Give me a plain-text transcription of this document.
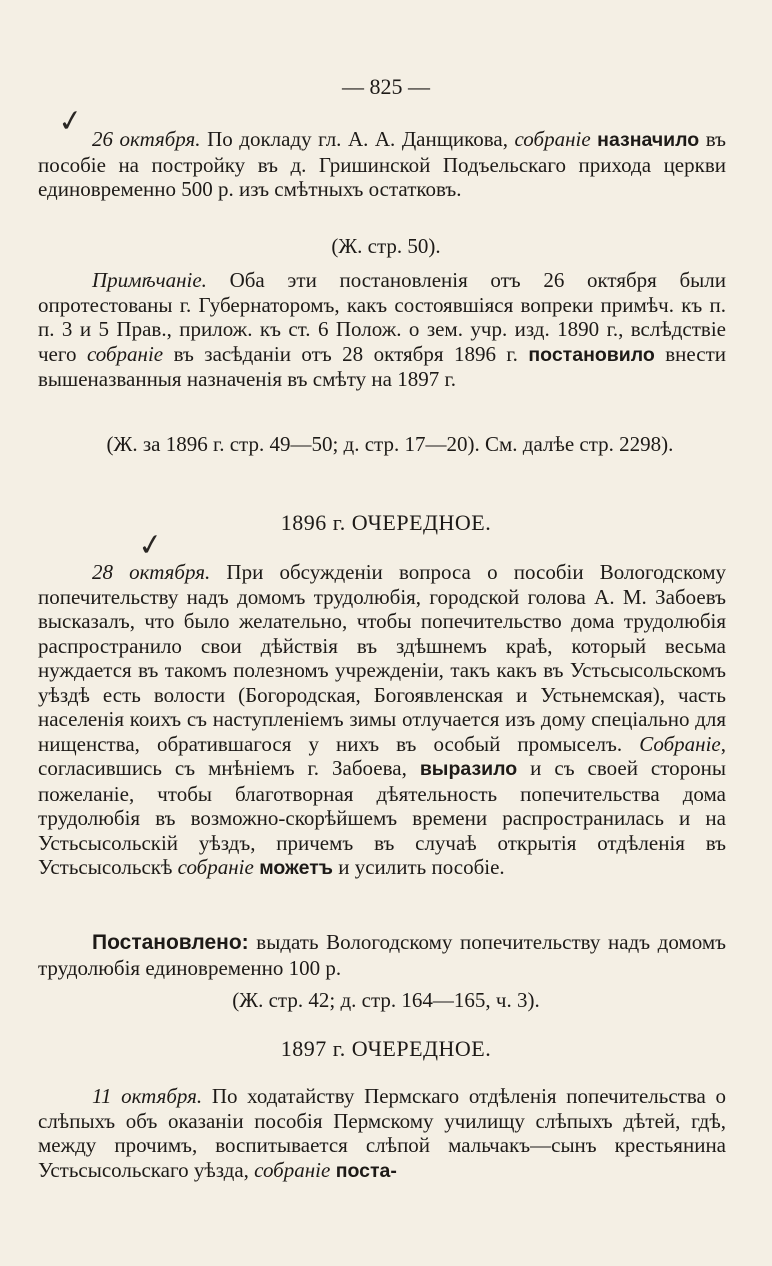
— 825 —
✓ 26 октября. По докладу гл. А. А. Данщикова, собраніе назначило въ пособіе на постройку въ д. Гришинской Подъельскаго прихода церкви единовременно 500 р. изъ смѣтныхъ остатковъ.

(Ж. стр. 50).

Примѣчаніе. Оба эти постановленія отъ 26 октября были опротестованы г. Губернаторомъ, какъ состоявшіяся вопреки примѣч. къ п. п. 3 и 5 Прав., прилож. къ ст. 6 Полож. о зем. учр. изд. 1890 г., вслѣдствіе чего собраніе въ засѣданіи отъ 28 октября 1896 г. постановило внести вышеназванныя назначенія въ смѣту на 1897 г.

(Ж. за 1896 г. стр. 49—50; д. стр. 17—20). См. далѣе стр. 2298).
1896 г. ОЧЕРЕДНОЕ.
✓

28 октября. При обсужденіи вопроса о пособіи Вологодскому попечительству надъ домомъ трудолюбія, городской голова А. М. Забоевъ высказалъ, что было желательно, чтобы попечительство дома трудолюбія распространило свои дѣйствія въ здѣшнемъ краѣ, который весьма нуждается въ такомъ полезномъ учрежденіи, такъ какъ въ Устьсысольскомъ уѣздѣ есть волости (Богородская, Богоявленская и Устьнемская), часть населенія коихъ съ наступленіемъ зимы отлучается изъ дому спеціально для нищенства, обратившагося у нихъ въ особый промыселъ. Собраніе, согласившись съ мнѣніемъ г. Забоева, выразило и съ своей стороны пожеланіе, чтобы благотворная дѣятельность попечительства дома трудолюбія въ возможно-скорѣйшемъ времени распространилась и на Устьсысольскій уѣздъ, причемъ въ случаѣ открытія отдѣленія въ Устьсысольскѣ собраніе можетъ и усилить пособіе.

Постановлено: выдать Вологодскому попечительству надъ домомъ трудолюбія единовременно 100 р.

(Ж. стр. 42; д. стр. 164—165, ч. 3).
1897 г. ОЧЕРЕДНОЕ.

11 октября. По ходатайству Пермскаго отдѣленія попечительства о слѣпыхъ объ оказаніи пособія Пермскому училищу слѣпыхъ дѣтей, гдѣ, между прочимъ, воспитывается слѣпой мальчакъ—сынъ крестьянина Устьсысольскаго уѣзда, собраніе поста-
